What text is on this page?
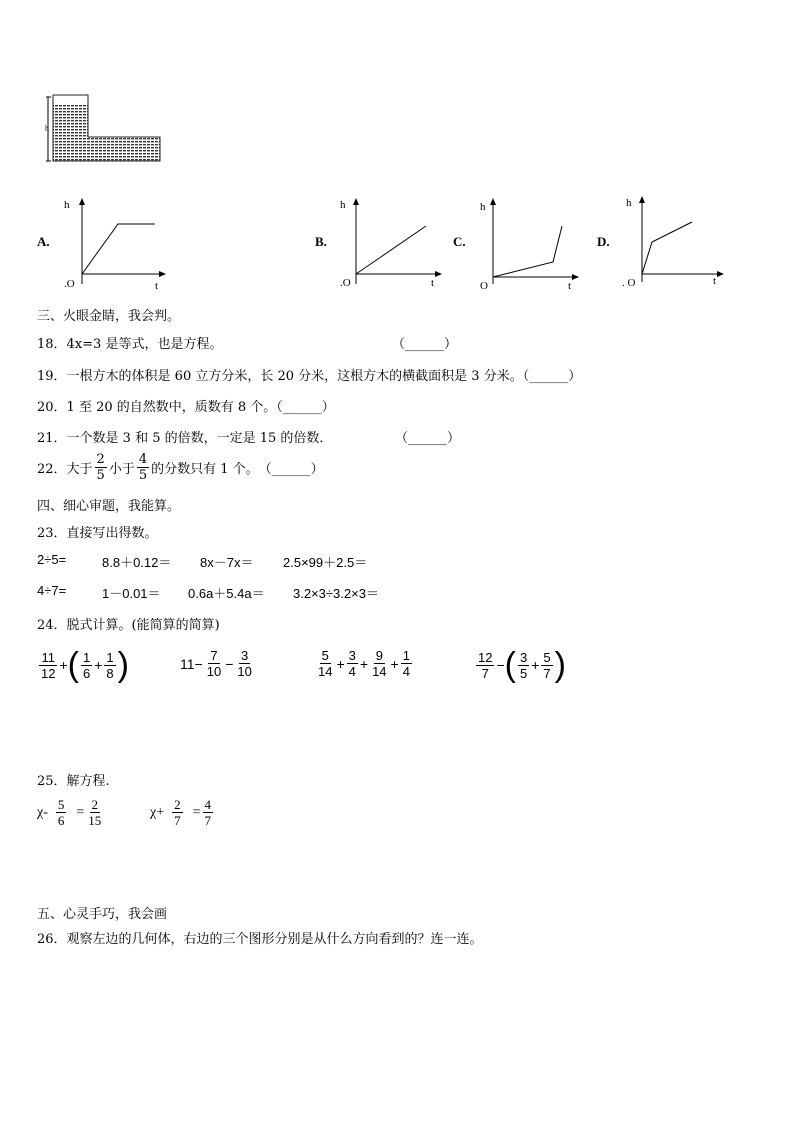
h
A.
h
t
.O
B.
h
t
.O
C.
h
t
O
D.
h
t
. O
三、火眼金睛，我会判。
18．4x=3 是等式，也是方程。	（______）
19．一根方木的体积是 60 立方分米，长 20 分米，这根方木的横截面积是 3 分米。（______）
20．1 至 20 的自然数中，质数有 8 个。（______）
21．一个数是 3 和 5 的倍数，一定是 15 的倍数．	（______）
22．大于 $\frac{2}{5}$ 小于 $\frac{4}{5}$ 的分数只有 1 个。 （______）
四、细心审题，我能算。
23．直接写出得数。
2÷5=	8.8＋0.12＝ 8x－7x＝ 2.5×99＋2.5＝
4÷7=	1－0.01＝ 0.6a＋5.4a＝ 3.2×3÷3.2×3＝
24．脱式计算。(能简算的简算)
$\frac{11}{12}$ + ( $\frac{1}{6} + \frac{1}{8}$ )	$11- \frac{7}{10} - \frac{3}{10}$	$\frac{5}{14} + \frac{3}{4} + \frac{9}{14} + \frac{1}{4}$	$\frac{12}{7}$ − ( $\frac{3}{5} + \frac{5}{7}$ )
25．解方程.
$\chi- \frac{5}{6} = \frac{2}{15}$	$\chi+ \frac{2}{7} = \frac{4}{7}$
五、心灵手巧，我会画
26．观察左边的几何体，右边的三个图形分别是从什么方向看到的？连一连。
